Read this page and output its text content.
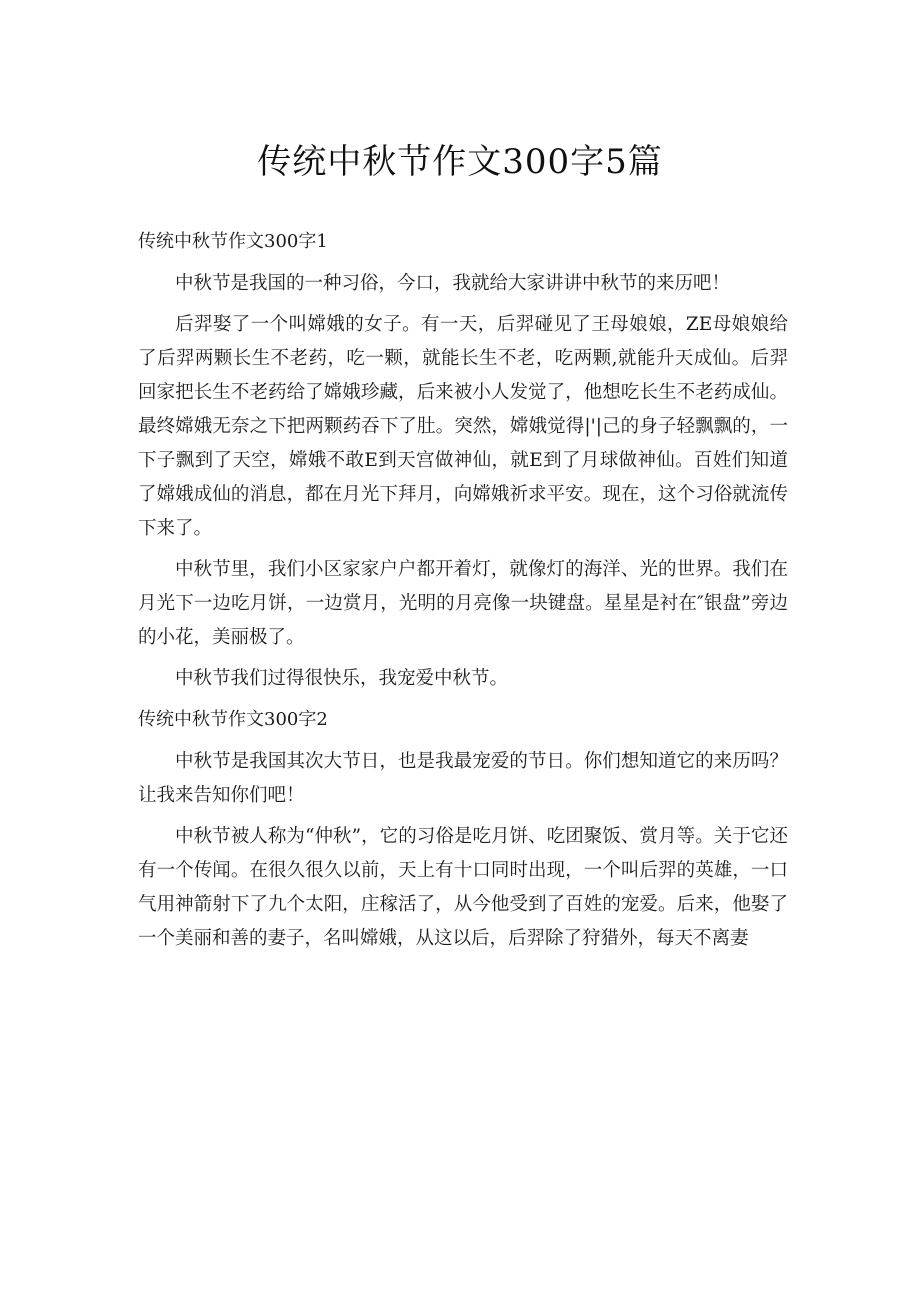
传统中秋节作文300字5篇
传统中秋节作文300字1

中秋节是我国的一种习俗，今口，我就给大家讲讲中秋节的来历吧！

后羿娶了一个叫嫦娥的女子。有一天，后羿碰见了王母娘娘，ZE母娘娘给了后羿两颗长生不老药，吃一颗，就能长生不老，吃两颗,就能升天成仙。后羿回家把长生不老药给了嫦娥珍藏，后来被小人发觉了，他想吃长生不老药成仙。最终嫦娥无奈之下把两颗药吞下了肚。突然，嫦娥觉得|'|己的身子轻飘飘的，一下子飘到了天空，嫦娥不敢E到天宫做神仙，就E到了月球做神仙。百姓们知道了嫦娥成仙的消息，都在月光下拜月，向嫦娥祈求平安。现在，这个习俗就流传下来了。

中秋节里，我们小区家家户户都开着灯，就像灯的海洋、光的世界。我们在月光下一边吃月饼，一边赏月，光明的月亮像一块键盘。星星是衬在″银盘”旁边的小花，美丽极了。

中秋节我们过得很快乐，我宠爱中秋节。

传统中秋节作文300字2

中秋节是我国其次大节日，也是我最宠爱的节日。你们想知道它的来历吗？让我来告知你们吧！

中秋节被人称为“仲秋”，它的习俗是吃月饼、吃团聚饭、赏月等。关于它还有一个传闻。在很久很久以前，天上有十口同时出现，一个叫后羿的英雄，一口气用神箭射下了九个太阳，庄稼活了，从今他受到了百姓的宠爱。后来，他娶了一个美丽和善的妻子，名叫嫦娥，从这以后，后羿除了狩猎外，每天不离妻
